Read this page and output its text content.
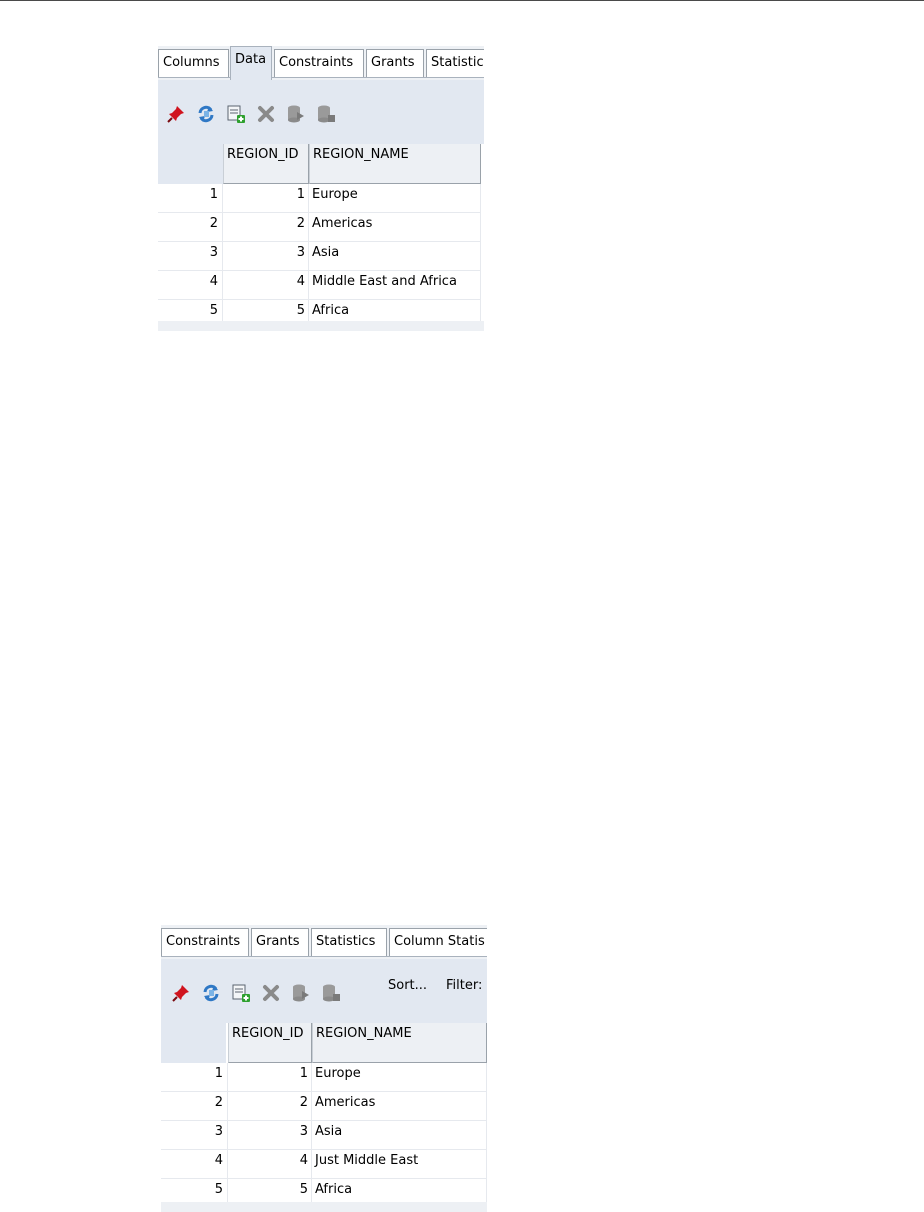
Columns	Data Constraints	Grants	Statistic
REGION_ID	REGION_NAME
1	1 Europe
2	2 Americas
3	3 Asia
4	4 Middle East and Africa
5	5 Africa
Constraints	Grants	Statistics	Column Statis
Sort... Filter:
REGION_ID REGION_NAME
1	1 Europe
2	2 Americas
3	3 Asia
4	4 Just Middle East
5	5 Africa
